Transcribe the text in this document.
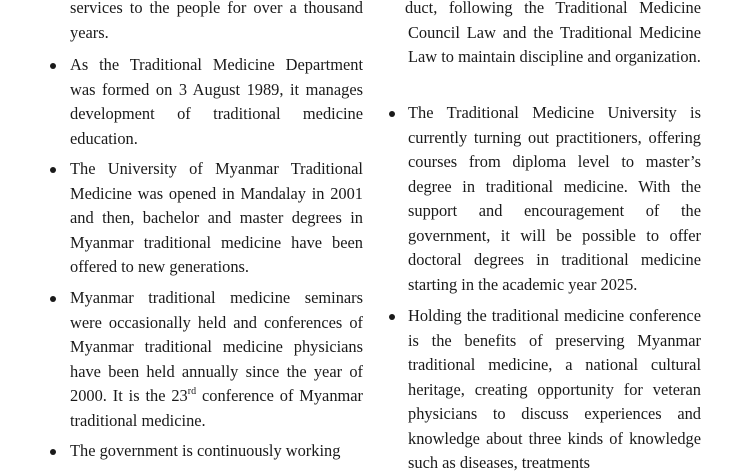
services to the people for over a thousand years.

As the Traditional Medicine Department was formed on 3 August 1989, it manages development of traditional medicine education.

The University of Myanmar Traditional Medicine was opened in Mandalay in 2001 and then, bachelor and master degrees in Myanmar traditional medicine have been offered to new generations.

Myanmar traditional medicine seminars were occasionally held and conferences of Myanmar traditional medicine physicians have been held annually since the year of 2000. It is the 23rd conference of Myanmar traditional medicine.

The government is continuously working

duct, following the Traditional Medicine Council Law and the Traditional Medicine Law to maintain discipline and organization.

The Traditional Medicine University is currently turning out practitioners, offering courses from diploma level to master’s degree in traditional medicine. With the support and encouragement of the government, it will be possible to offer doctoral degrees in traditional medicine starting in the academic year 2025.

Holding the traditional medicine conference is the benefits of preserving Myanmar traditional medicine, a national cultural heritage, creating opportunity for veteran physicians to discuss experiences and knowledge about three kinds of knowledge such as diseases, treatments
